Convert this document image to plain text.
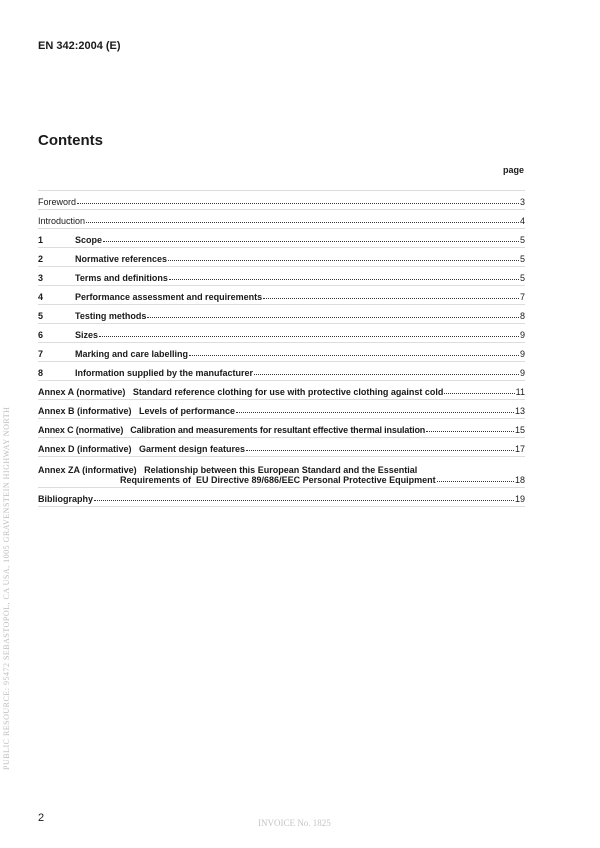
EN 342:2004 (E)
Contents
page
Foreword	3
Introduction	4
1	Scope	5
2	Normative references	5
3	Terms and definitions	5
4	Performance assessment and requirements	7
5	Testing methods	8
6	Sizes	9
7	Marking and care labelling	9
8	Information supplied by the manufacturer	9
Annex A (normative)   Standard reference clothing for use with protective clothing against cold	11
Annex B (informative)   Levels of performance	13
Annex C (normative)   Calibration and measurements for resultant effective thermal insulation	15
Annex D (informative)   Garment design features	17
Annex ZA (informative)   Relationship between this European Standard and the Essential
Requirements of  EU Directive 89/686/EEC Personal Protective Equipment	18
Bibliography	19
PUBLIC RESOURCE: 95472 SEBASTOPOL, CA USA, 1005 GRAVENSTEIN HIGHWAY NORTH
2	INVOICE No. 1825
